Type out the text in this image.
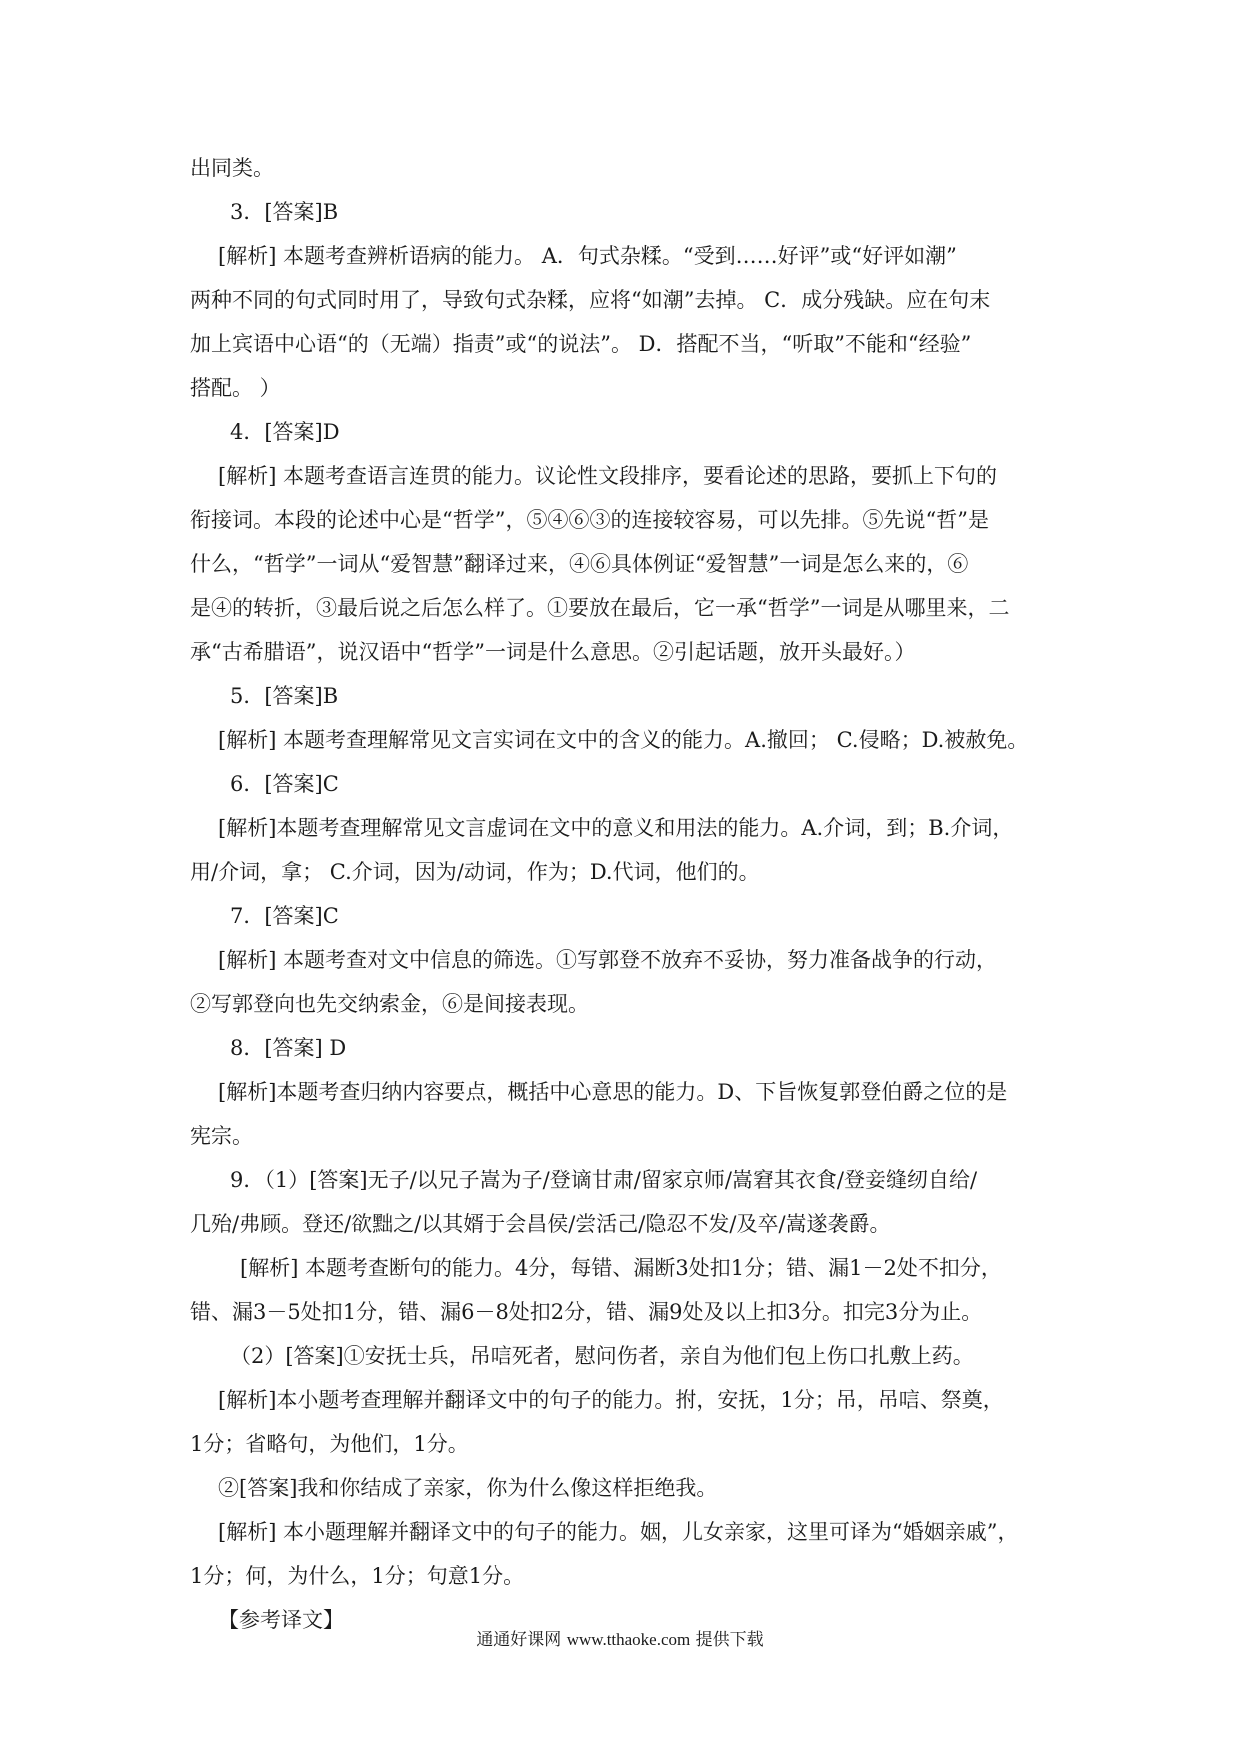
出同类。
3．[答案]B
[解析] 本题考查辨析语病的能力。 A．句式杂糅。“受到……好评”或“好评如潮”
两种不同的句式同时用了，导致句式杂糅，应将“如潮”去掉。 C．成分残缺。应在句末
加上宾语中心语“的（无端）指责”或“的说法”。 D．搭配不当，“听取”不能和“经验”
搭配。 ）
4．[答案]D
[解析] 本题考查语言连贯的能力。议论性文段排序，要看论述的思路，要抓上下句的
衔接词。本段的论述中心是“哲学”，⑤④⑥③的连接较容易，可以先排。⑤先说“哲”是
什么，“哲学”一词从“爱智慧”翻译过来，④⑥具体例证“爱智慧”一词是怎么来的，⑥
是④的转折，③最后说之后怎么样了。①要放在最后，它一承“哲学”一词是从哪里来，二
承“古希腊语”，说汉语中“哲学”一词是什么意思。②引起话题，放开头最好。）
5．[答案]B
[解析] 本题考查理解常见文言实词在文中的含义的能力。A.撤回； C.侵略；D.被赦免。
6．[答案]C
[解析]本题考查理解常见文言虚词在文中的意义和用法的能力。A.介词，到；B.介词，
用/介词，拿； C.介词，因为/动词，作为；D.代词，他们的。
7．[答案]C
[解析] 本题考查对文中信息的筛选。①写郭登不放弃不妥协，努力准备战争的行动，
②写郭登向也先交纳索金，⑥是间接表现。
8．[答案] D
[解析]本题考查归纳内容要点，概括中心意思的能力。D、下旨恢复郭登伯爵之位的是
宪宗。
9．（1）[答案]无子/以兄子嵩为子/登谪甘肃/留家京师/嵩窘其衣食/登妾缝纫自给/
几殆/弗顾。登还/欲黜之/以其婿于会昌侯/尝活己/隐忍不发/及卒/嵩遂袭爵。
[解析] 本题考查断句的能力。4分，每错、漏断3处扣1分；错、漏1－2处不扣分，
错、漏3－5处扣1分，错、漏6－8处扣2分，错、漏9处及以上扣3分。扣完3分为止。
（2）[答案]①安抚士兵，吊唁死者，慰问伤者，亲自为他们包上伤口扎敷上药。
[解析]本小题考查理解并翻译文中的句子的能力。拊，安抚，1分；吊，吊唁、祭奠，
1分；省略句，为他们，1分。
②[答案]我和你结成了亲家，你为什么像这样拒绝我。
[解析] 本小题理解并翻译文中的句子的能力。姻，儿女亲家，这里可译为“婚姻亲戚”，
1分；何，为什么，1分；句意1分。
【参考译文】
通通好课网 www.tthaoke.com 提供下载
